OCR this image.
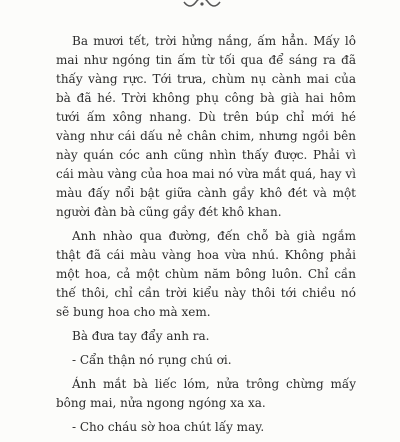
Ba mươi tết, trời hửng nắng, ấm hẳn. Mấy lô mai như ngóng tin ấm từ tối qua để sáng ra đã thấy vàng rực. Tới trưa, chùm nụ cành mai của bà đã hé. Trời không phụ công bà già hai hôm tưới ấm xông nhang. Dù trên búp chỉ mới hé vàng như cái dấu nẻ chân chim, nhưng ngồi bên này quán cóc anh cũng nhìn thấy được. Phải vì cái màu vàng của hoa mai nó vừa mắt quá, hay vì màu đấy nổi bật giữa cành gầy khô đét và một người đàn bà cũng gầy đét khô khan.

Anh nhào qua đường, đến chỗ bà già ngắm thật đã cái màu vàng hoa vừa nhú. Không phải một hoa, cả một chùm năm bông luôn. Chỉ cần thế thôi, chỉ cần trời kiểu này thôi tới chiều nó sẽ bung hoa cho mà xem.

Bà đưa tay đẩy anh ra.

- Cẩn thận nó rụng chú ơi.

Ánh mắt bà liếc lóm, nửa trông chừng mấy bông mai, nửa ngong ngóng xa xa.

- Cho cháu sờ hoa chút lấy may.
